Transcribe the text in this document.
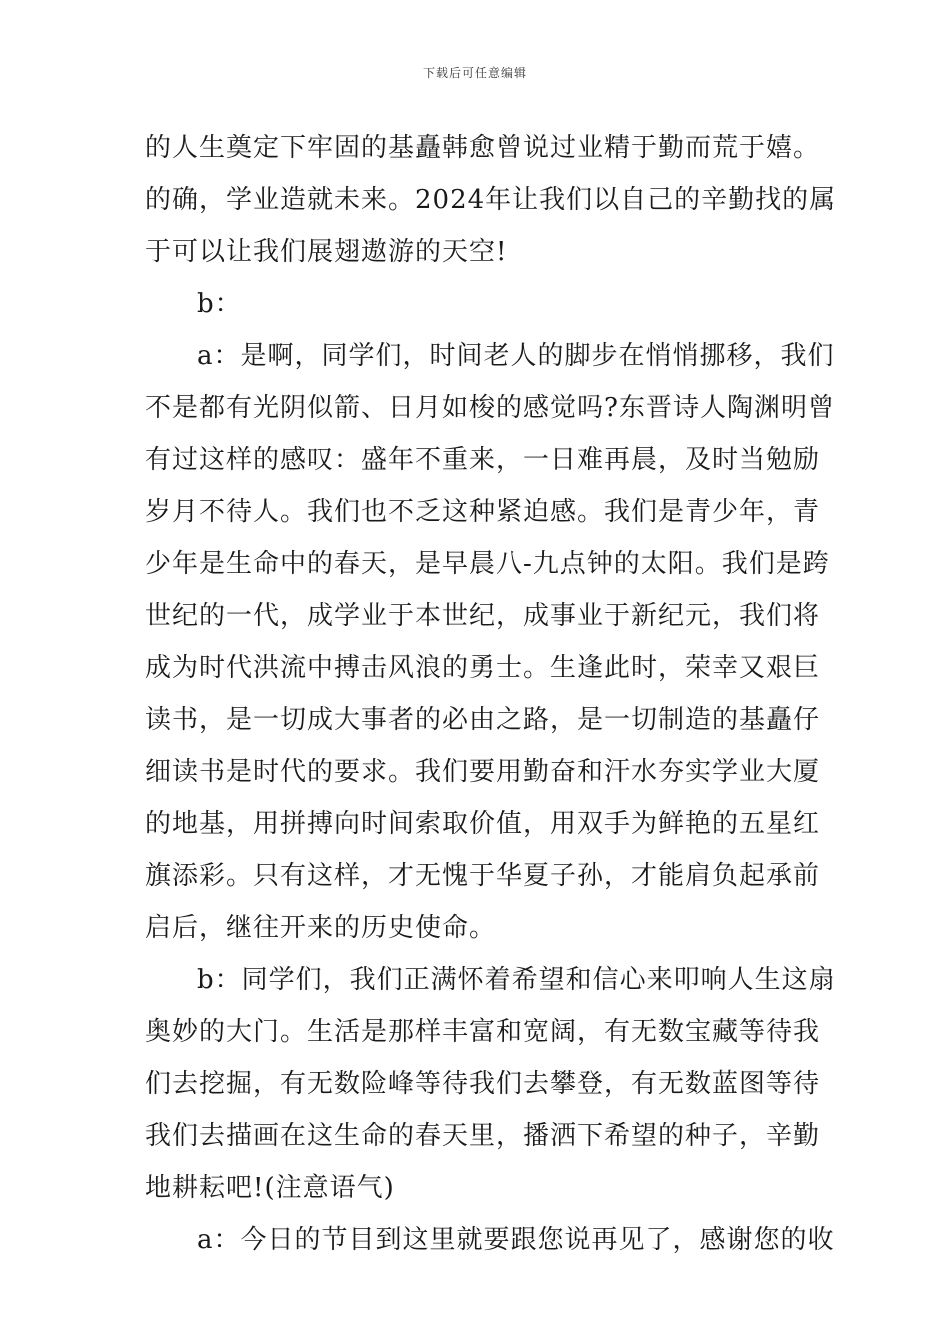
下载后可任意编辑
的人生奠定下牢固的基矗韩愈曾说过业精于勤而荒于嬉。
的确，学业造就未来。2024年让我们以自己的辛勤找的属
于可以让我们展翅遨游的天空!
b：
a：是啊，同学们，时间老人的脚步在悄悄挪移，我们
不是都有光阴似箭、日月如梭的感觉吗?东晋诗人陶渊明曾
有过这样的感叹：盛年不重来，一日难再晨，及时当勉励
岁月不待人。我们也不乏这种紧迫感。我们是青少年，青
少年是生命中的春天，是早晨八-九点钟的太阳。我们是跨
世纪的一代，成学业于本世纪，成事业于新纪元，我们将
成为时代洪流中搏击风浪的勇士。生逢此时，荣幸又艰巨
读书，是一切成大事者的必由之路，是一切制造的基矗仔
细读书是时代的要求。我们要用勤奋和汗水夯实学业大厦
的地基，用拼搏向时间索取价值，用双手为鲜艳的五星红
旗添彩。只有这样，才无愧于华夏子孙，才能肩负起承前
启后，继往开来的历史使命。
b：同学们，我们正满怀着希望和信心来叩响人生这扇
奥妙的大门。生活是那样丰富和宽阔，有无数宝藏等待我
们去挖掘，有无数险峰等待我们去攀登，有无数蓝图等待
我们去描画在这生命的春天里，播洒下希望的种子，辛勤
地耕耘吧!(注意语气)
a：今日的节目到这里就要跟您说再见了，感谢您的收
